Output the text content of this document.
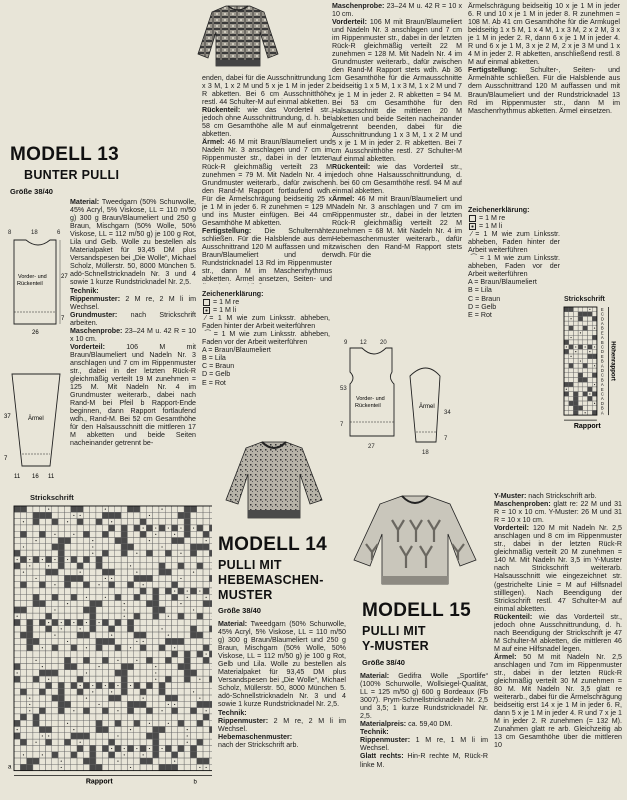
MODELL 13
BUNTER PULLI
Größe 38/40
8	18	6
27
7
26
Vorder- und
Rückenteil
Ärmel
37
7
11 16 11

Material: Tweedgarn (50% Schurwolle, 45% Acryl, 5% Viskose, LL = 110 m/50 g) 300 g Braun/Blaumeliert und 250 g Braun, Mischgarn (50% Wolle, 50% Viskose, LL = 112 m/50 g) je 100 g Rot, Lila und Gelb. Wolle zu bestellen als Materialpaket für 93,45 DM plus Versandspesen bei „Die Wolle“, Michael Scholz, Müllerstr. 50, 8000 München 5. adö-Schnellstricknadeln Nr. 3 und 4 sowie 1 kurze Rundstricknadel Nr. 2,5.

Technik:

Rippenmuster: 2 M re, 2 M li im Wechsel.

Grundmuster: nach Strickschrift arbeiten.

Maschenprobe: 23–24 M u. 42 R = 10 x 10 cm.

Vorderteil: 106 M mit Braun/Blaumeliert und Nadeln Nr. 3 anschlagen und 7 cm im Rippenmuster str., dabei in der letzten Rück-R gleichmäßig verteilt 19 M zunehmen = 125 M. Mit Nadeln Nr. 4 im Grundmuster weiterarb., dabei nach Rand-M bei Pfeil b Rapport-Ende beginnen, dann Rapport fortlaufend wdh., Rand-M. Bei 52 cm Gesamthöhe für den Halsausschnitt die mittleren 17 M abketten und beide Seiten nacheinander getrennt be-

enden, dabei für die Ausschnittrundung 1 x 3 M, 1 x 2 M und 5 x je 1 M in jeder 2. R abketten. Bei 6 cm Ausschnitthöhe restl. 44 Schulter-M auf einmal abketten.

Rückenteil: wie das Vorderteil str., jedoch ohne Ausschnittrundung, d. h. bei 58 cm Gesamthöhe alle M auf einmal abketten.

Ärmel: 46 M mit Braun/Blaumeliert und Nadeln Nr. 3 anschlagen und 7 cm im Rippenmuster str., dabei in der letzten Rück-R gleichmäßig verteilt 23 M zunehmen = 79 M. Mit Nadeln Nr. 4 im Grundmuster weiterarb., dafür zwischen den Rand-M Rapport fortlaufend wdh. Für die Ärmelschrägung beidseitig 25 x je 1 M in jeder 6. R zunehmen = 129 M und ins Muster einfügen. Bei 44 cm Gesamthöhe M abketten.

Fertigstellung: Die Schulternähte schließen. Für die Halsblende aus dem Ausschnittrand 120 M auffassen und mit Braun/Blaumeliert und der Rundstricknadel 13 Rd im Rippenmuster str., dann M im Maschenrhythmus abketten. Ärmel ansetzen, Seiten- und

Zeichenerklärung:

= 1 M re

= 1 M li

⁄ = 1 M wie zum Linksstr. abheben, Faden hinter der Arbeit weiterführen

⁀ = 1 M wie zum Linksstr. abheben, Faden vor der Arbeit weiterführen

A = Braun/Blaumeliert

B = Lila

C = Braun

D = Gelb

E = Rot

Maschenprobe: 23–24 M u. 42 R = 10 x 10 cm.

Vorderteil: 106 M mit Braun/Blaumeliert und Nadeln Nr. 3 anschlagen und 7 cm im Rippenmuster str., dabei in der letzten Rück-R gleichmäßig verteilt 22 M zunehmen = 128 M. Mit Nadeln Nr. 4 im Grundmuster weiterarb., dafür zwischen den Rand-M Rapport stets wdh. Ab 36 cm Gesamthöhe für die Armausschnitte beidseitig 1 x 5 M, 1 x 3 M, 1 x 2 M und 7 x je 1 M in jeder 2. R abketten = 94 M. Bei 53 cm Gesamthöhe für den Halsausschnitt die mittleren 20 M abketten und beide Seiten nacheinander getrennt beenden, dabei für die Ausschnittrundung 1 x 3 M, 1 x 2 M und 5 x je 1 M in jeder 2. R abketten. Bei 7 cm Ausschnitthöhe restl. 27 Schulter-M auf einmal abketten.

Rückenteil: wie das Vorderteil str., jedoch ohne Halsausschnittrundung, d. h. bei 60 cm Gesamthöhe restl. 94 M auf einmal abketten.

Ärmel: 46 M mit Braun/Blaumeliert und Nadeln Nr. 3 anschlagen und 7 cm im Rippenmuster str., dabei in der letzten Rück-R gleichmäßig verteilt 22 M zunehmen = 68 M. Mit Nadeln Nr. 4 im Hebemaschenmuster weiterarb., dafür zwischen den Rand-M Rapport stets wdh. Für die

Ärmelschrägung beidseitig 10 x je 1 M in jeder 6. R und 10 x je 1 M in jeder 8. R zunehmen = 108 M. Ab 41 cm Gesamthöhe für die Armkugel beidseitig 1 x 5 M, 1 x 4 M, 1 x 3 M, 2 x 2 M, 3 x je 1 M in jeder 2. R, dann 6 x je 1 M in jeder 4. R und 6 x je 1 M, 3 x je 2 M, 2 x je 3 M und 1 x 4 M in jeder 2. R abketten, anschließend restl. 8 M auf einmal abketten.

Fertigstellung: Schulter-, Seiten- und Ärmelnähte schließen. Für die Halsblende aus dem Ausschnittrand 120 M auffassen und mit Braun/Blaumeliert und der Rundstricknadel 13 Rd im Rippenmuster str., dann M im Maschenrhythmus abketten. Ärmel einsetzen.

Zeichenerklärung:

= 1 M re

= 1 M li

⁄ = 1 M wie zum Linksstr. abheben, Faden hinter der Arbeit weiterführen

⁀ = 1 M wie zum Linksstr. abheben, Faden vor der Arbeit weiterführen

A = Braun/Blaumeliert

B = Lila

C = Braun

D = Gelb

E = Rot

Strickschrift
E
C
D
A
B
E
A
B
C
D
E
B
A
D
C
B
A
E
C
A
D
B
A
Höhenrapport
Rapport
9 12 20
53
7
27
34
7
18
Vorder- und
Rückenteil	Ärmel
Strickschrift
Rapport
a
b
MODELL 14
PULLI MIT
HEBEMASCHEN-
MUSTER
Größe 38/40

Material: Tweedgarn (50% Schurwolle, 45% Acryl, 5% Viskose, LL = 110 m/50 g) 300 g Braun/Blaumeliert und 250 g Braun, Mischgarn (50% Wolle, 50% Viskose, LL = 112 m/50 g) je 100 g Rot, Gelb und Lila. Wolle zu bestellen als Materialpaket für 93,45 DM plus Versandspesen bei „Die Wolle“, Michael Scholz, Müllerstr. 50, 8000 München 5. adö-Schnellstricknadeln Nr. 3 und 4 sowie 1 kurze Rundstricknadel Nr. 2,5.

Technik:

Rippenmuster: 2 M re, 2 M li im Wechsel.

Hebemaschenmuster:

nach der Strickschrift arb.

MODELL 15
PULLI MIT
Y-MUSTER
Größe 38/40

Material: Gedifra Wolle „Sportlife“ (100% Schurwolle, Wollsiegel-Qualität, LL = 125 m/50 g) 600 g Bordeaux (Fb 3007). Prym-Schnellstricknadeln Nr. 2,5 und 3,5; 1 kurze Rundstricknadel Nr. 2,5.

Materialpreis: ca. 59,40 DM.

Technik:

Rippenmuster: 1 M re, 1 M li im Wechsel.

Glatt rechts: Hin-R rechte M, Rück-R linke M.

Y-Muster: nach Strickschrift arb.

Maschenproben: glatt re: 22 M und 31 R = 10 x 10 cm. Y-Muster: 26 M und 31 R = 10 x 10 cm.

Vorderteil: 120 M mit Nadeln Nr. 2,5 anschlagen und 8 cm im Rippenmuster str., dabei in der letzten Rück-R gleichmäßig verteilt 20 M zunehmen = 140 M. Mit Nadeln Nr. 3,5 im Y-Muster nach Strickschrift weiterarb. Halsausschnitt wie eingezeichnet str. (gestrichelte Linie = M auf Hilfsnadel stilllegen). Nach Beendigung der Strickschrift restl. 47 Schulter-M auf einmal abketten.

Rückenteil: wie das Vorderteil str., jedoch ohne Ausschnittrundung, d. h. nach Beendigung der Strickschrift je 47 M Schulter-M abketten, die mittleren 46 M auf eine Hilfsnadel legen.

Ärmel: 50 M mit Nadeln Nr. 2,5 anschlagen und 7cm im Rippenmuster str., dabei in der letzten Rück-R gleichmäßig verteilt 30 M zunehmen = 80 M. Mit Nadeln Nr. 3,5 glatt re weiterarb., dabei für die Ärmelschrägung beidseitig erst 14 x je 1 M in jeder 6. R, dann 5 x je 1 M in jeder 4. R und 7 x je 1 M in jeder 2. R zunehmen (= 132 M). Zunahmen glatt re arb. Gleichzeitig ab 13 cm Gesamthöhe über die mittleren 10
